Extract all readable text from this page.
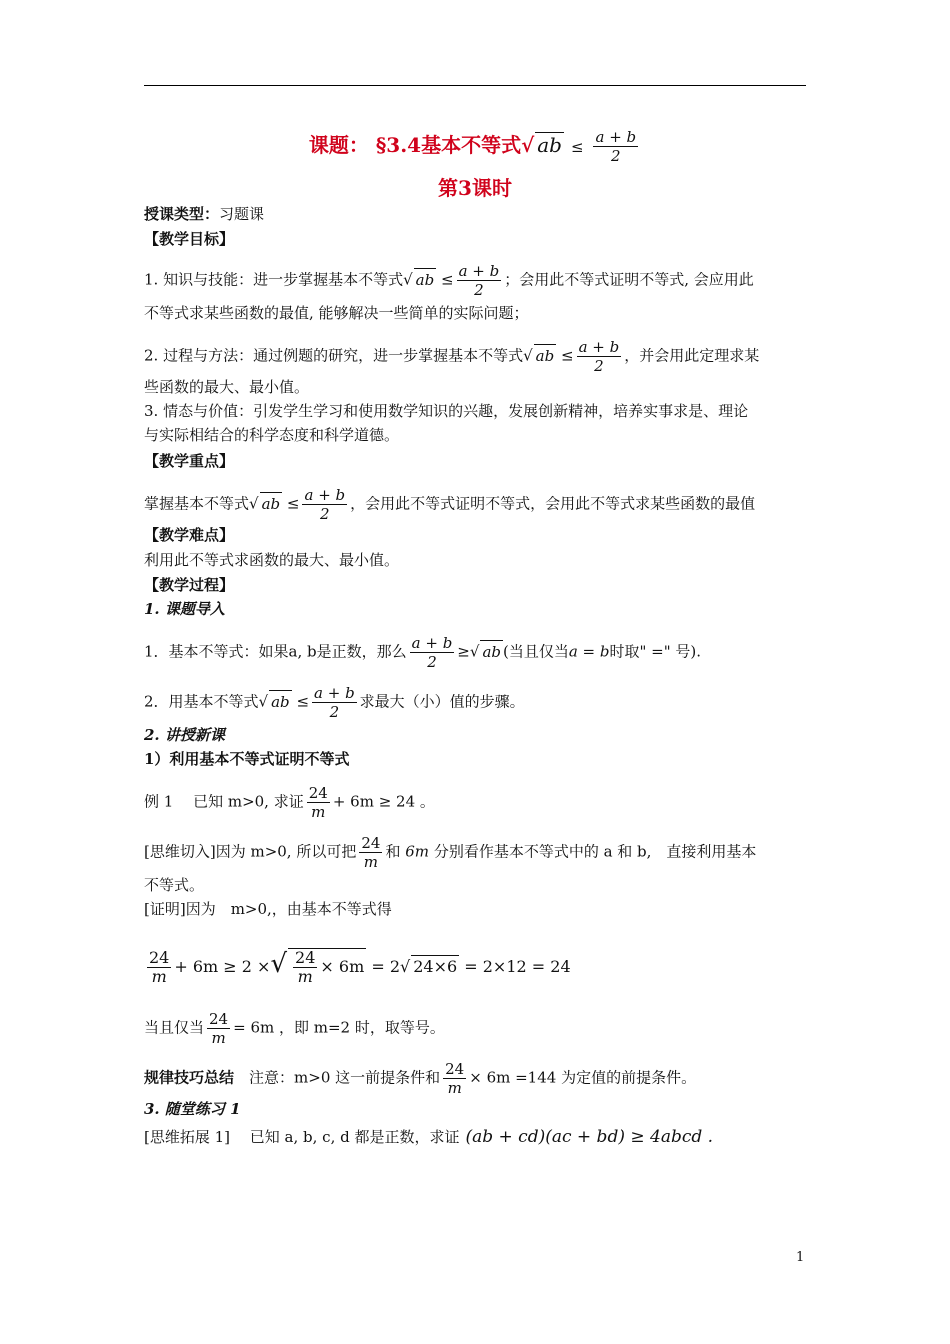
课题： §3.4基本不等式√ ab ≤ $\frac{a + b}{2}$
第3课时
授课类型：习题课
【教学目标】
1. 知识与技能：进一步掌握基本不等式√ ab ≤ $\frac{a + b}{2}$ ；会用此不等式证明不等式, 会应用此
不等式求某些函数的最值, 能够解决一些简单的实际问题；
2. 过程与方法：通过例题的研究，进一步掌握基本不等式√ ab ≤ $\frac{a + b}{2}$ ，并会用此定理求某
些函数的最大、最小值。
3. 情态与价值：引发学生学习和使用数学知识的兴趣，发展创新精神，培养实事求是、理论
与实际相结合的科学态度和科学道德。
【教学重点】
掌握基本不等式√ ab ≤ $\frac{a + b}{2}$ ，会用此不等式证明不等式，会用此不等式求某些函数的最值
【教学难点】
利用此不等式求函数的最大、最小值。
【教学过程】
1. 课题导入
1．基本不等式：如果a, b是正数，那么 $\frac{a + b}{2}$ ≥√ ab (当且仅当a = b时取" =" 号).
2．用基本不等式√ ab ≤ $\frac{a + b}{2}$ 求最大（小）值的步骤。
2. 讲授新课
1）利用基本不等式证明不等式
例 1　 已知 m>0, 求证 $\frac{24}{m} + 6m \ge 24$ 。
[思维切入]因为 m>0, 所以可把 $\frac{24}{m}$ 和 6m 分别看作基本不等式中的 a 和 b,　直接利用基本
不等式。
[证明]因为　m>0,，由基本不等式得
$\frac{24}{m} + 6m \ge 2$ ×√ $\frac{24}{m} \times 6m = 2√$ 24×6 = 2×12 = 24
当且仅当 $\frac{24}{m} = 6m$ ，即 m=2 时，取等号。
规律技巧总结　 注意：m>0 这一前提条件和 $\frac{24}{m} \times 6m =144$ 为定值的前提条件。
3. 随堂练习 1
[思维拓展 1]　 已知 a, b, c, d 都是正数，求证 (ab + cd)(ac + bd) ≥ 4abcd .
1
